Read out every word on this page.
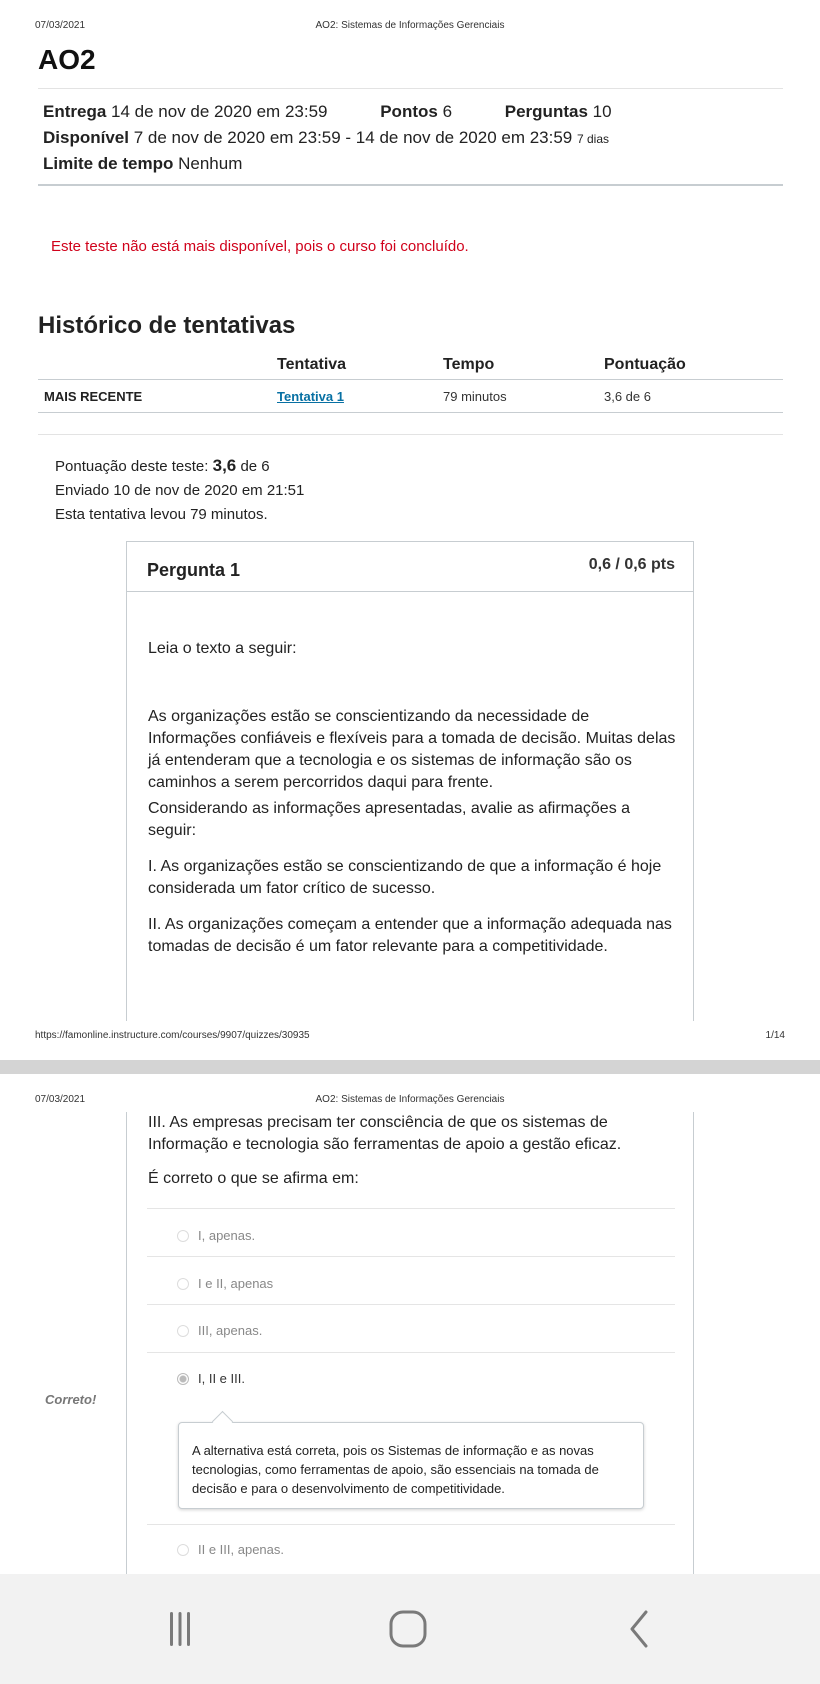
07/03/2021	AO2: Sistemas de Informações Gerenciais
AO2
Entrega 14 de nov de 2020 em 23:59	Pontos 6	Perguntas 10
Disponível 7 de nov de 2020 em 23:59 - 14 de nov de 2020 em 23:59 7 dias
Limite de tempo Nenhum
Este teste não está mais disponível, pois o curso foi concluído.
Histórico de tentativas
Tentativa	Tempo	Pontuação
MAIS RECENTE	Tentativa 1	79 minutos	3,6 de 6
Pontuação deste teste: 3,6 de 6
Enviado 10 de nov de 2020 em 21:51
Esta tentativa levou 79 minutos.
Pergunta 1	0,6 / 0,6 pts
Leia o texto a seguir:
As organizações estão se conscientizando da necessidade de Informações confiáveis e flexíveis para a tomada de decisão. Muitas delas já entenderam que a tecnologia e os sistemas de informação são os caminhos a serem percorridos daqui para frente.
Considerando as informações apresentadas, avalie as afirmações a seguir:
I. As organizações estão se conscientizando de que a informação é hoje considerada um fator crítico de sucesso.
II. As organizações começam a entender que a informação adequada nas tomadas de decisão é um fator relevante para a competitividade.
https://famonline.instructure.com/courses/9907/quizzes/30935	1/14
07/03/2021	AO2: Sistemas de Informações Gerenciais
III. As empresas precisam ter consciência de que os sistemas de Informação e tecnologia são ferramentas de apoio a gestão eficaz.
É correto o que se afirma em:
I, apenas.
I e II, apenas
III, apenas.
I, II e III.
A alternativa está correta, pois os Sistemas de informação e as novas tecnologias, como ferramentas de apoio, são essenciais na tomada de decisão e para o desenvolvimento de competitividade.
II e III, apenas.
Correto!
